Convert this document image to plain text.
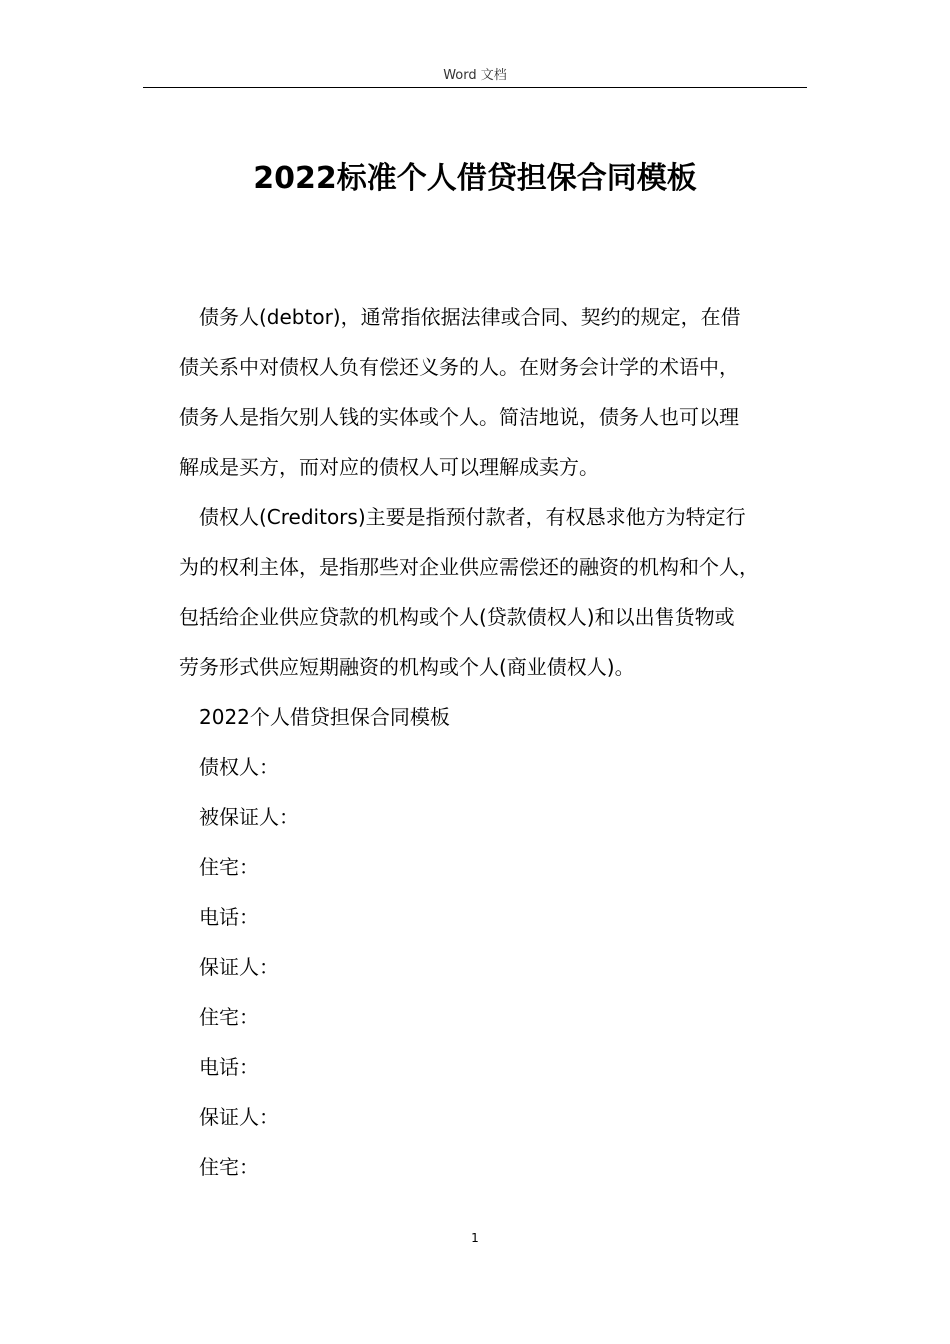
Word 文档
2022标准个人借贷担保合同模板
债务人(debtor)，通常指依据法律或合同、契约的规定，在借
债关系中对债权人负有偿还义务的人。在财务会计学的术语中，
债务人是指欠别人钱的实体或个人。简洁地说，债务人也可以理
解成是买方，而对应的债权人可以理解成卖方。
债权人(Creditors)主要是指预付款者，有权恳求他方为特定行
为的权利主体，是指那些对企业供应需偿还的融资的机构和个人，
包括给企业供应贷款的机构或个人(贷款债权人)和以出售货物或
劳务形式供应短期融资的机构或个人(商业债权人)。
2022个人借贷担保合同模板
债权人：
被保证人：
住宅：
电话：
保证人：
住宅：
电话：
保证人：
住宅：
1
